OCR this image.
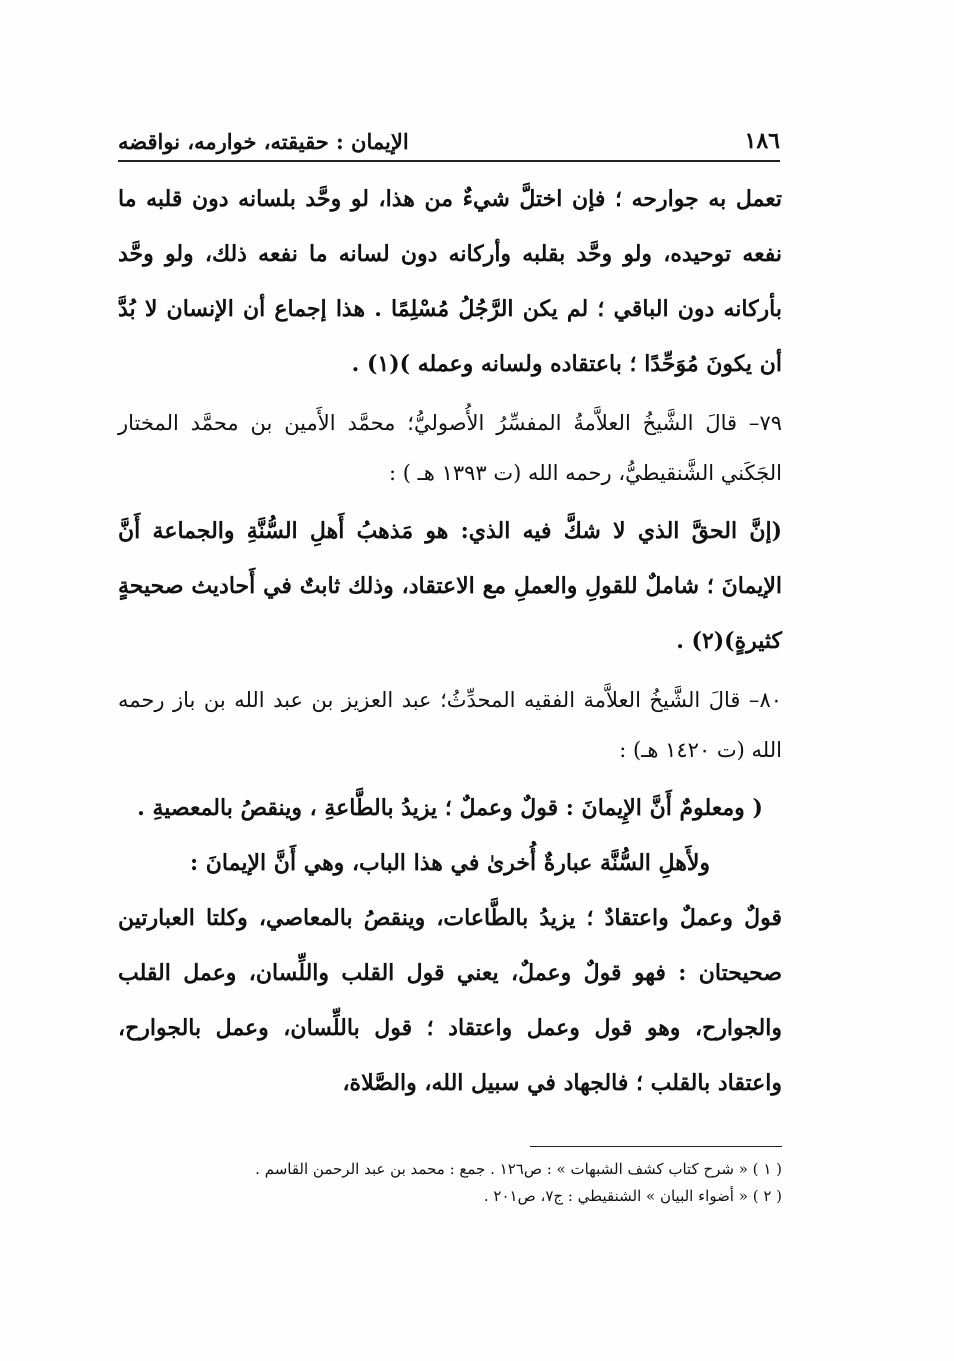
١٨٦
الإيمان : حقيقته، خوارمه، نواقضه

تعمل به جوارحه ؛ فإن اختلَّ شيءٌ من هذا، لو وحَّد بلسانه دون قلبه ما نفعه توحيده، ولو وحَّد بقلبه وأركانه دون لسانه ما نفعه ذلك، ولو وحَّد بأركانه دون الباقي ؛ لم يكن الرَّجُلُ مُسْلِمًا . هذا إجماع أن الإنسان لا بُدَّ أن يكونَ مُوَحِّدًا ؛ باعتقاده ولسانه وعمله )(١) .

٧٩– قالَ الشَّيخُ العلاَّمةُ المفسِّرُ الأُصوليُّ؛ محمَّد الأَمين بن محمَّد المختار الجَكَني الشَّنقيطيُّ، رحمه الله (ت ١٣٩٣ هـ ) :

(إنَّ الحقَّ الذي لا شكَّ فيه الذي: هو مَذهبُ أَهلِ السُّنَّةِ والجماعة أَنَّ الإيمانَ ؛ شاملٌ للقولِ والعملِ مع الاعتقاد، وذلك ثابتٌ في أَحاديث صحيحةٍ كثيرةٍ)(٢) .

٨٠– قالَ الشَّيخُ العلاَّمة الفقيه المحدِّثُ؛ عبد العزيز بن عبد الله بن باز رحمه الله (ت ١٤٢٠ هـ) :

( ومعلومٌ أَنَّ الإِيمانَ : قولٌ وعملٌ ؛ يزيدُ بالطَّاعةِ ، وينقصُ بالمعصيةِ .

ولأَهلِ السُّنَّة عبارةٌ أُخرىٰ في هذا الباب، وهي أَنَّ الإيمانَ :

قولٌ وعملٌ واعتقادٌ ؛ يزيدُ بالطَّاعات، وينقصُ بالمعاصي، وكلتا العبارتين صحيحتان : فهو قولٌ وعملٌ، يعني قول القلب واللِّسان، وعمل القلب والجوارح، وهو قول وعمل واعتقاد ؛ قول باللِّسان، وعمل بالجوارح، واعتقاد بالقلب ؛ فالجهاد في سبيل الله، والصَّلاة،

( ١ ) « شرح كتاب كشف الشبهات » : ص١٢٦ . جمع : محمد بن عبد الرحمن القاسم .
( ٢ ) « أضواء البيان » الشنقيطي : ج٧، ص٢٠١ .
